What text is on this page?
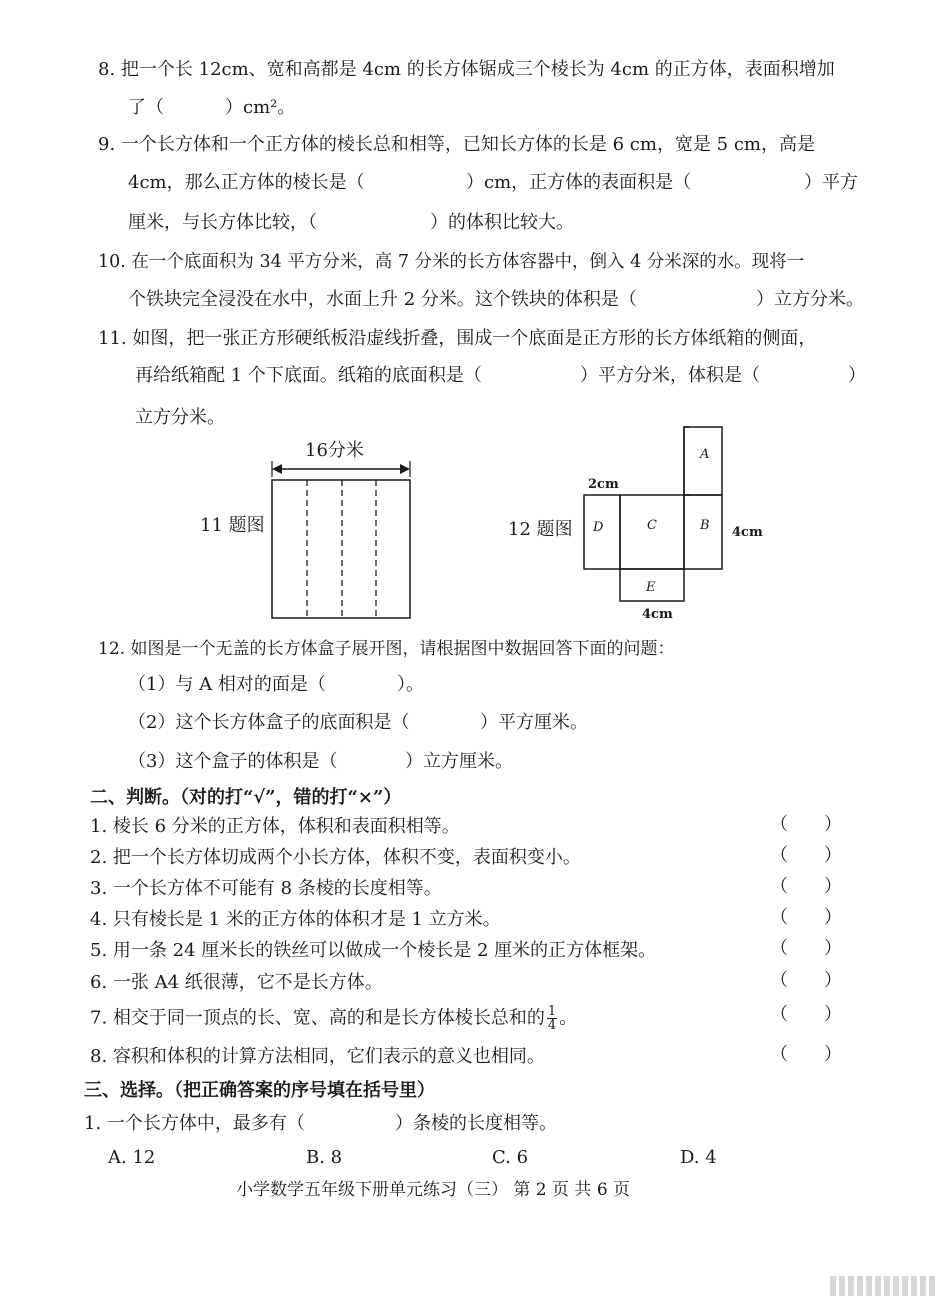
8. 把一个长 12cm、宽和高都是 4cm 的长方体锯成三个棱长为 4cm 的正方体，表面积增加
了（	）cm²。
9. 一个长方体和一个正方体的棱长总和相等，已知长方体的长是 6 cm，宽是 5 cm，高是
4cm，那么正方体的棱长是（	）cm，正方体的表面积是（	）平方
厘米，与长方体比较，（	）的体积比较大。
10. 在一个底面积为 34 平方分米，高 7 分米的长方体容器中，倒入 4 分米深的水。现将一
个铁块完全浸没在水中，水面上升 2 分米。这个铁块的体积是（	）立方分米。
11. 如图，把一张正方形硬纸板沿虚线折叠，围成一个底面是正方形的长方体纸箱的侧面，
再给纸箱配 1 个下底面。纸箱的底面积是（	）平方分米，体积是（	）
立方分米。
11 题图
16分米
12 题图
A
B
C
D
E
2cm
4cm
4cm
12. 如图是一个无盖的长方体盒子展开图，请根据图中数据回答下面的问题：
（1）与 A 相对的面是（	）。
（2）这个长方体盒子的底面积是（	）平方厘米。
（3）这个盒子的体积是（	）立方厘米。
二、判断。（对的打“√”，错的打“×”）
1. 棱长 6 分米的正方体，体积和表面积相等。	（　　）
2. 把一个长方体切成两个小长方体，体积不变，表面积变小。	（　　）
3. 一个长方体不可能有 8 条棱的长度相等。	（　　）
4. 只有棱长是 1 米的正方体的体积才是 1 立方米。	（　　）
5. 用一条 24 厘米长的铁丝可以做成一个棱长是 2 厘米的正方体框架。	（　　）
6. 一张 A4 纸很薄，它不是长方体。	（　　）
7. 相交于同一顶点的长、宽、高的和是长方体棱长总和的 $\frac{1}{4}$ 。	（　　）
8. 容积和体积的计算方法相同，它们表示的意义也相同。	（　　）
三、选择。（把正确答案的序号填在括号里）
1. 一个长方体中，最多有（	）条棱的长度相等。
A. 12	B. 8	C. 6	D. 4
小学数学五年级下册单元练习（三） 第 2 页 共 6 页
